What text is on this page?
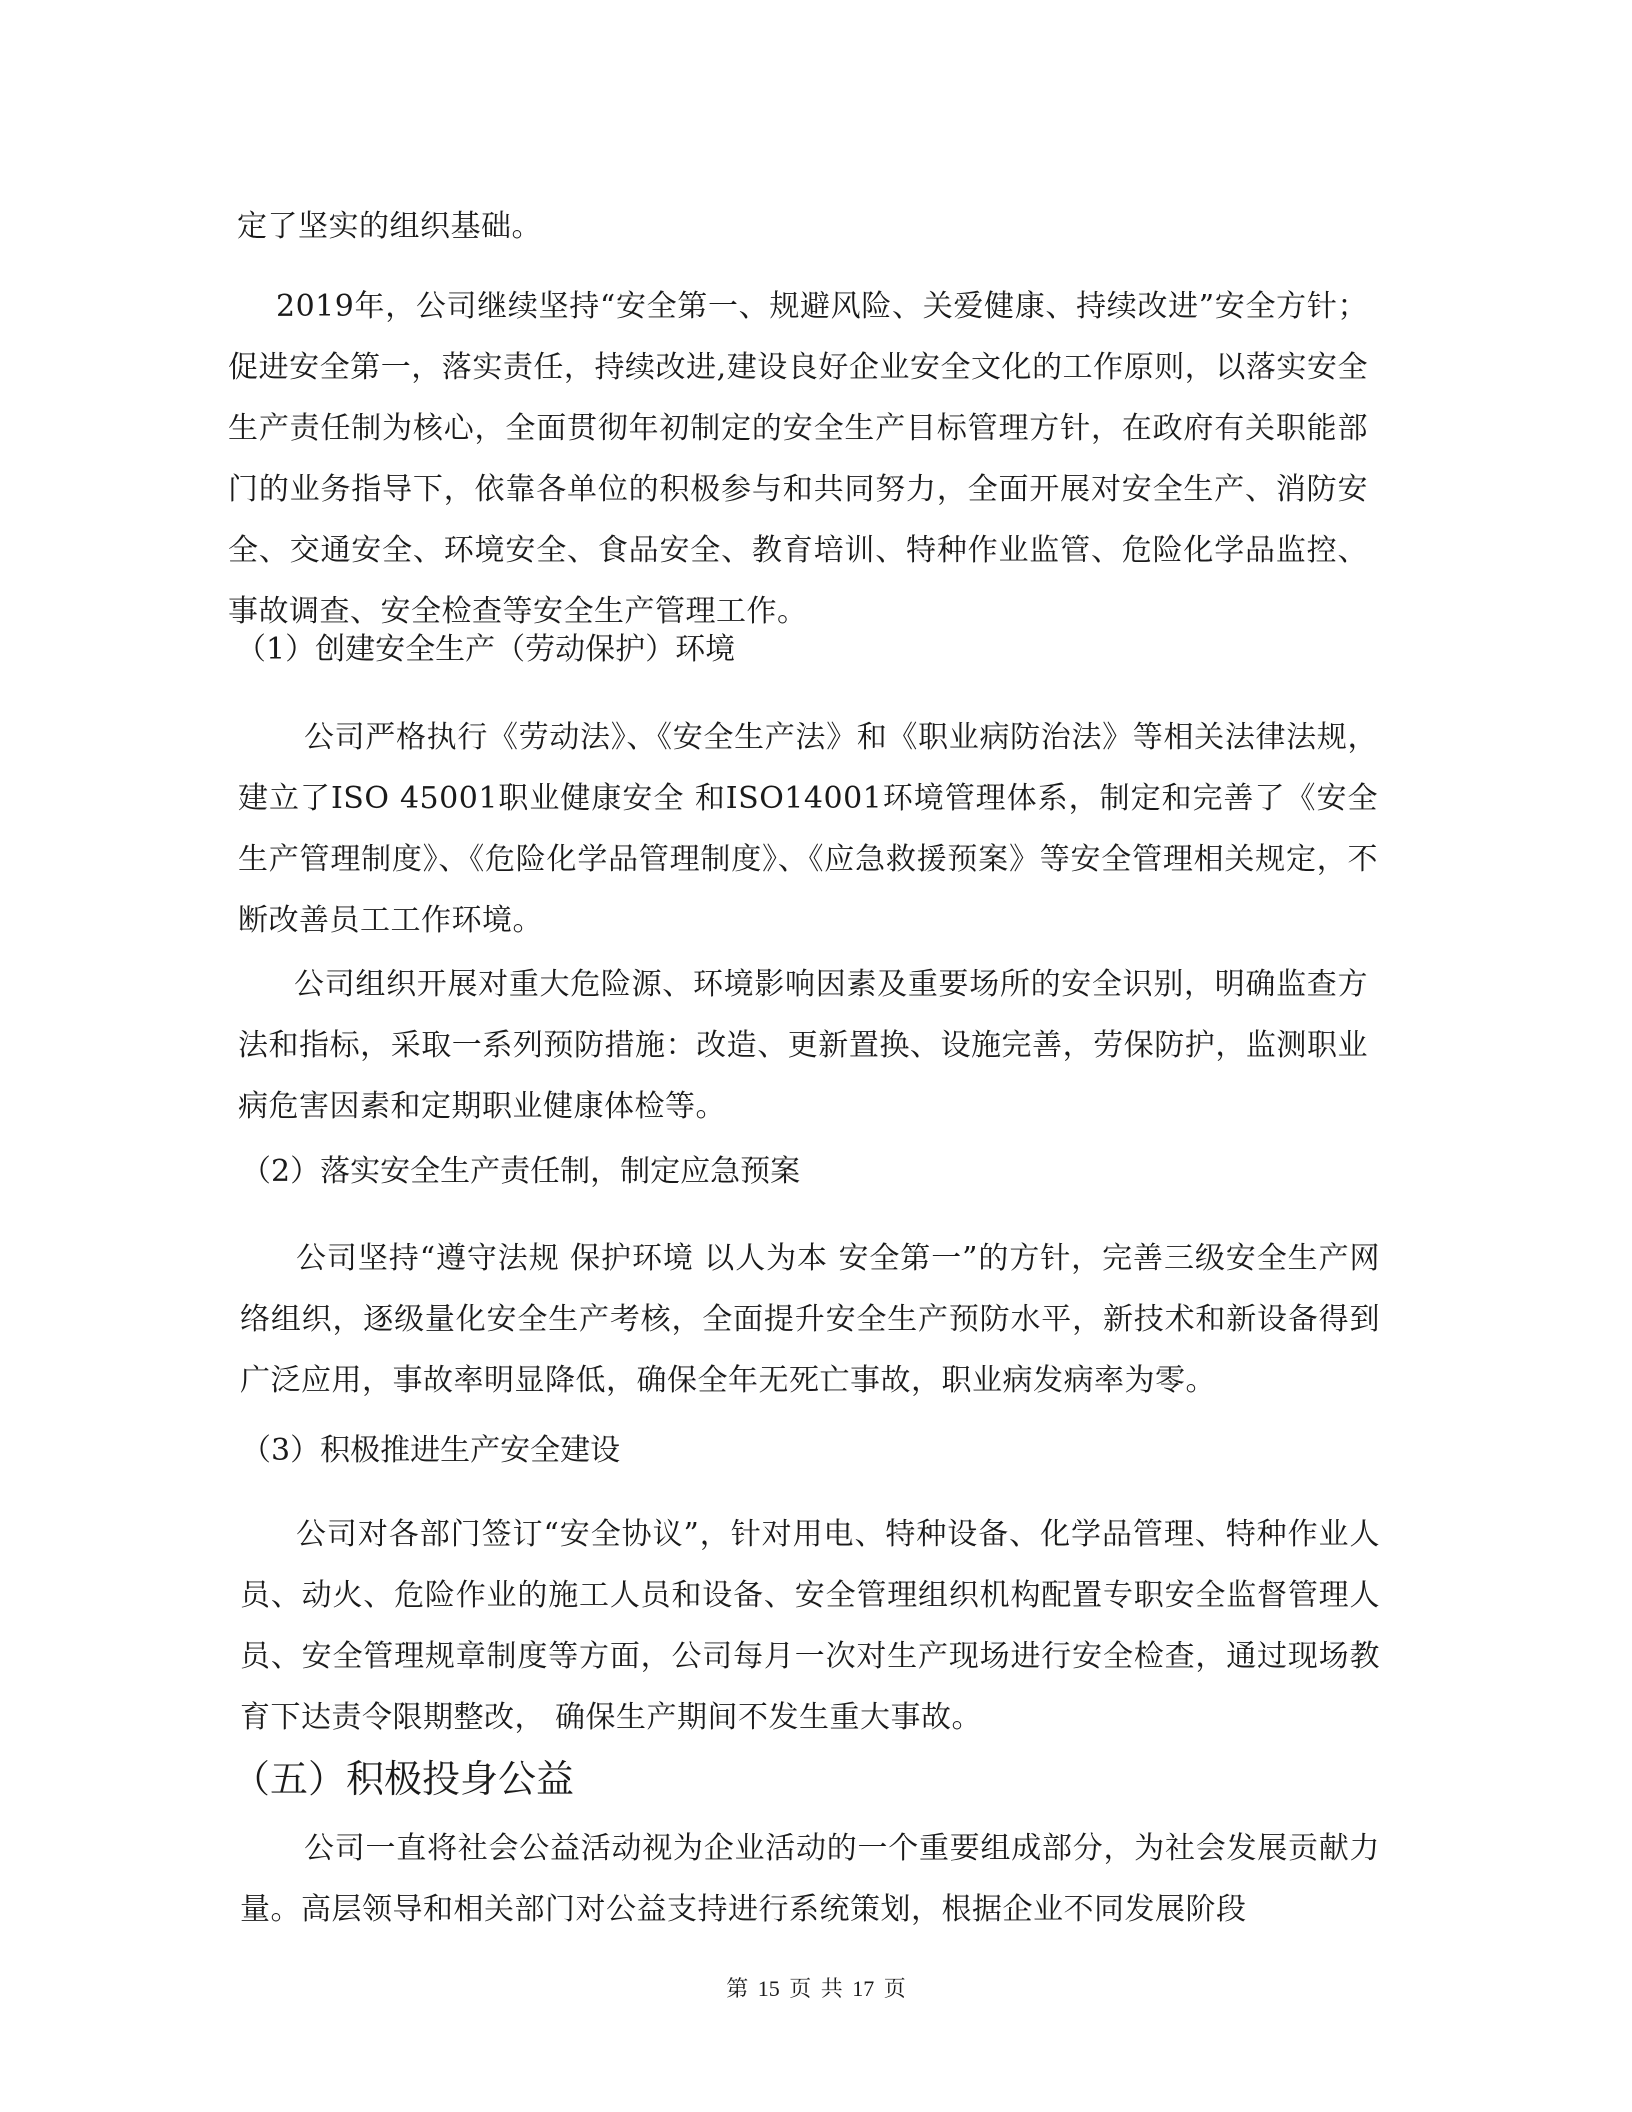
定了坚实的组织基础。

2019年，公司继续坚持“安全第一、规避风险、关爱健康、持续改进”安全方针； 促进安全第一，落实责任，持续改进,建设良好企业安全文化的工作原则，以落实安全生产责任制为核心，全面贯彻年初制定的安全生产目标管理方针，在政府有关职能部门的业务指导下，依靠各单位的积极参与和共同努力，全面开展对安全生产、消防安全、交通安全、环境安全、食品安全、教育培训、特种作业监管、危险化学品监控、事故调查、安全检查等安全生产管理工作。

（1）创建安全生产（劳动保护）环境

公司严格执行《劳动法》、《安全生产法》和《职业病防治法》等相关法律法规，建立了ISO 45001职业健康安全 和ISO14001环境管理体系，制定和完善了《安全生产管理制度》、《危险化学品管理制度》、《应急救援预案》等安全管理相关规定，不断改善员工工作环境。

公司组织开展对重大危险源、环境影响因素及重要场所的安全识别，明确监查方法和指标，采取一系列预防措施：改造、更新置换、设施完善，劳保防护，监测职业病危害因素和定期职业健康体检等。

（2）落实安全生产责任制，制定应急预案

公司坚持“遵守法规 保护环境 以人为本 安全第一”的方针，完善三级安全生产网络组织，逐级量化安全生产考核，全面提升安全生产预防水平，新技术和新设备得到广泛应用，事故率明显降低，确保全年无死亡事故，职业病发病率为零。

（3）积极推进生产安全建设

公司对各部门签订“安全协议”，针对用电、特种设备、化学品管理、特种作业人员、动火、危险作业的施工人员和设备、安全管理组织机构配置专职安全监督管理人员、安全管理规章制度等方面，公司每月一次对生产现场进行安全检查，通过现场教育下达责令限期整改， 确保生产期间不发生重大事故。

（五）积极投身公益

公司一直将社会公益活动视为企业活动的一个重要组成部分，为社会发展贡献力量。高层领导和相关部门对公益支持进行系统策划，根据企业不同发展阶段

第 15 页 共 17 页
